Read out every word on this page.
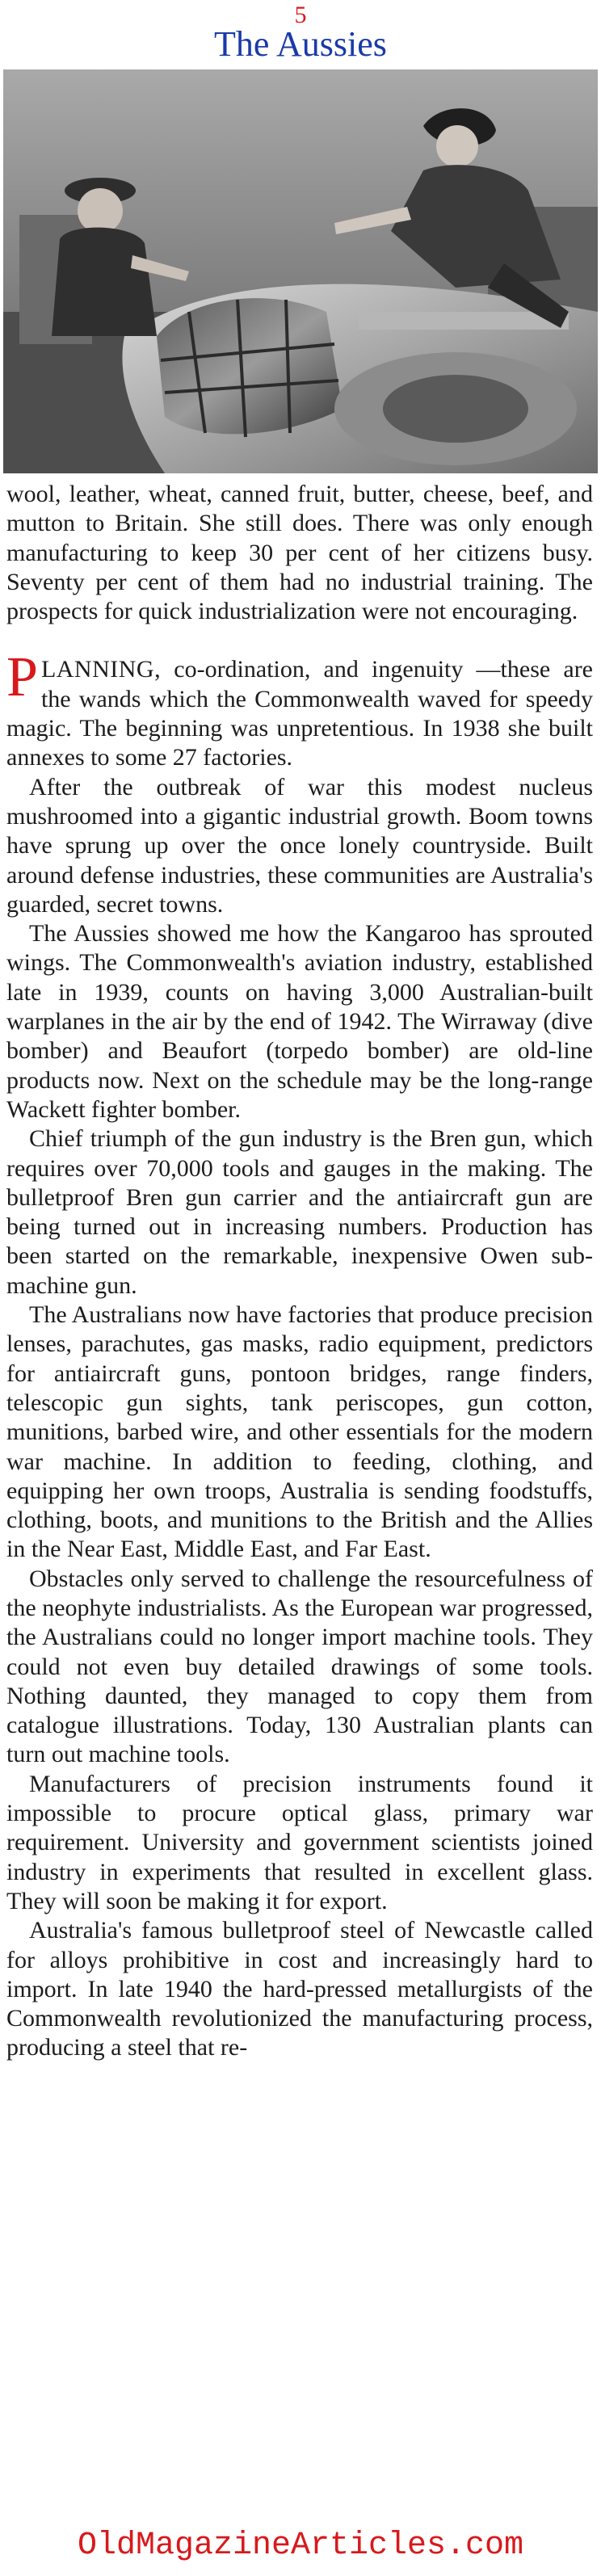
5
The Aussies

wool, leather, wheat, canned fruit, butter, cheese, beef, and mutton to Britain. She still does. There was only enough manufacturing to keep 30 per cent of her citizens busy. Seventy per cent of them had no industrial training. The prospects for quick industrialization were not encouraging.

PLANNING, co-ordination, and ingenuity —these are the wands which the Commonwealth waved for speedy magic. The beginning was unpretentious. In 1938 she built annexes to some 27 factories.

After the outbreak of war this modest nucleus mushroomed into a gigantic industrial growth. Boom towns have sprung up over the once lonely countryside. Built around defense industries, these communities are Australia's guarded, secret towns.

The Aussies showed me how the Kangaroo has sprouted wings. The Commonwealth's aviation industry, established late in 1939, counts on having 3,000 Australian-built warplanes in the air by the end of 1942. The Wirraway (dive bomber) and Beaufort (torpedo bomber) are old-line products now. Next on the schedule may be the long-range Wackett fighter bomber.

Chief triumph of the gun industry is the Bren gun, which requires over 70,000 tools and gauges in the making. The bulletproof Bren gun carrier and the antiaircraft gun are being turned out in increasing numbers. Production has been started on the remarkable, inexpensive Owen sub-machine gun.

The Australians now have factories that produce precision lenses, parachutes, gas masks, radio equipment, predictors for antiaircraft guns, pontoon bridges, range finders, telescopic gun sights, tank periscopes, gun cotton, munitions, barbed wire, and other essentials for the modern war machine. In addition to feeding, clothing, and equipping her own troops, Australia is sending foodstuffs, clothing, boots, and munitions to the British and the Allies in the Near East, Middle East, and Far East.

Obstacles only served to challenge the resourcefulness of the neophyte industrialists. As the European war progressed, the Australians could no longer import machine tools. They could not even buy detailed drawings of some tools. Nothing daunted, they managed to copy them from catalogue illustrations. Today, 130 Australian plants can turn out machine tools.

Manufacturers of precision instruments found it impossible to procure optical glass, primary war requirement. University and government scientists joined industry in experiments that resulted in excellent glass. They will soon be making it for export.

Australia's famous bulletproof steel of Newcastle called for alloys prohibitive in cost and increasingly hard to import. In late 1940 the hard-pressed metallurgists of the Commonwealth revolutionized the manufacturing process, producing a steel that re-

OldMagazineArticles.com
